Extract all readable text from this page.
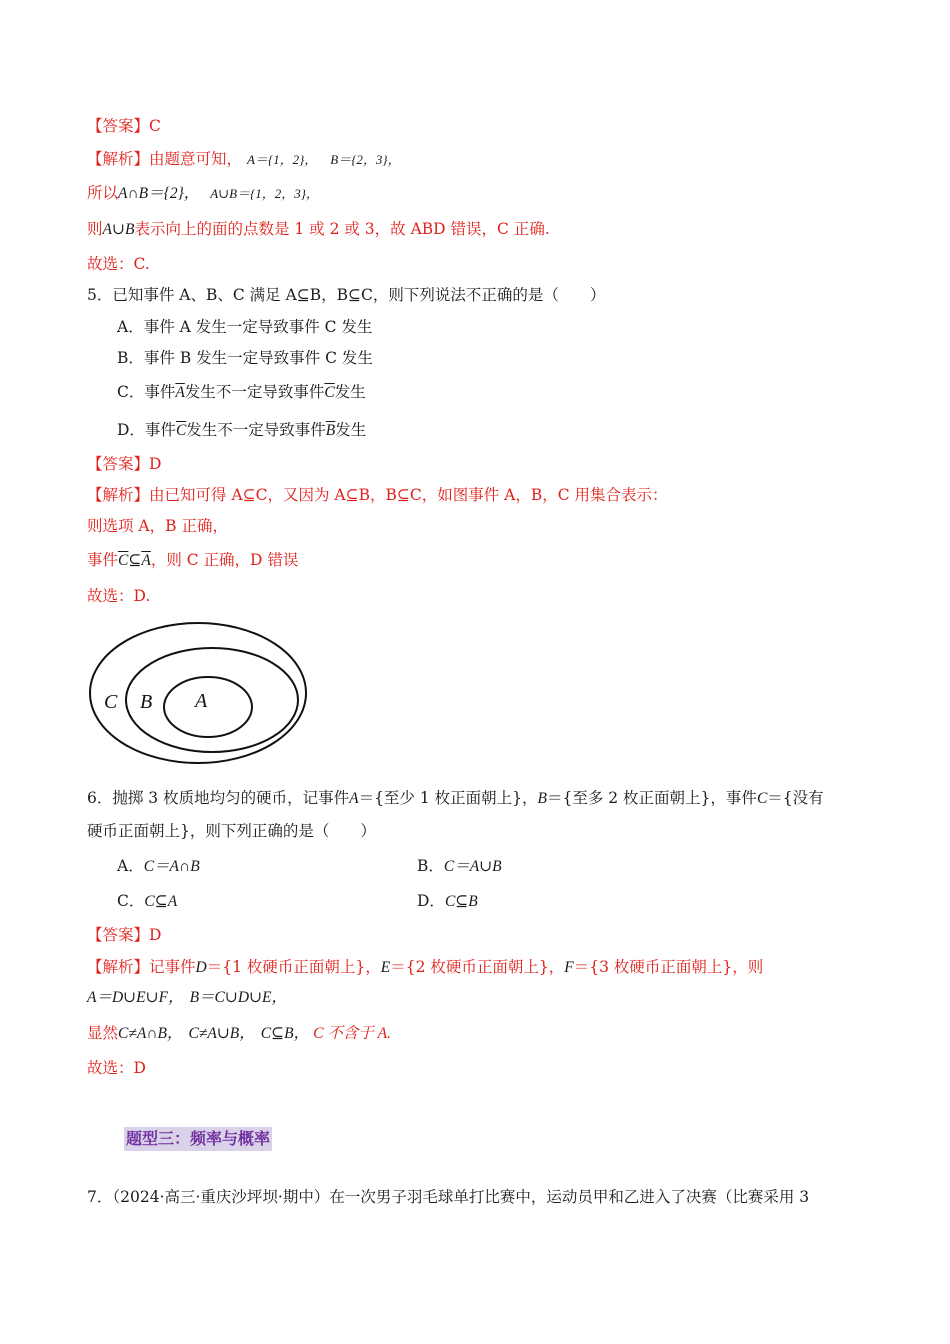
【答案】C
【解析】由题意可知， A＝{1，2}， B＝{2，3}，
所以A∩B＝{2}， A∪B＝{1，2，3}，
则A∪B表示向上的面的点数是 1 或 2 或 3，故 ABD 错误，C 正确.
故选：C.
5．已知事件 A、B、C 满足 A⊆B，B⊆C，则下列说法不正确的是（　　）
A．事件 A 发生一定导致事件 C 发生
B．事件 B 发生一定导致事件 C 发生
C．事件$\overline{A}$发生不一定导致事件$\overline{C}$发生
D．事件$\overline{C}$发生不一定导致事件$\overline{B}$发生
【答案】D
【解析】由已知可得 A⊆C，又因为 A⊆B，B⊆C，如图事件 A，B，C 用集合表示：
则选项 A，B 正确，
事件$\overline{C}⊆\overline{A}$，则 C 正确，D 错误
故选：D.
C B A
6．抛掷 3 枚质地均匀的硬币，记事件A＝{至少 1 枚正面朝上}，B＝{至多 2 枚正面朝上}，事件C＝{没有
硬币正面朝上}，则下列正确的是（　　）
A．C＝A∩B	B．C＝A∪B
C．C⊆A	D．C⊆B
【答案】D
【解析】记事件D＝{1 枚硬币正面朝上}，E＝{2 枚硬币正面朝上}，F＝{3 枚硬币正面朝上}，则
A＝D∪E∪F， B＝C∪D∪E，
显然C≠A∩B， C≠A∪B， C⊆B， C 不含于 A.
故选：D
题型三：频率与概率
7．（2024·高三·重庆沙坪坝·期中）在一次男子羽毛球单打比赛中，运动员甲和乙进入了决赛（比赛采用 3
